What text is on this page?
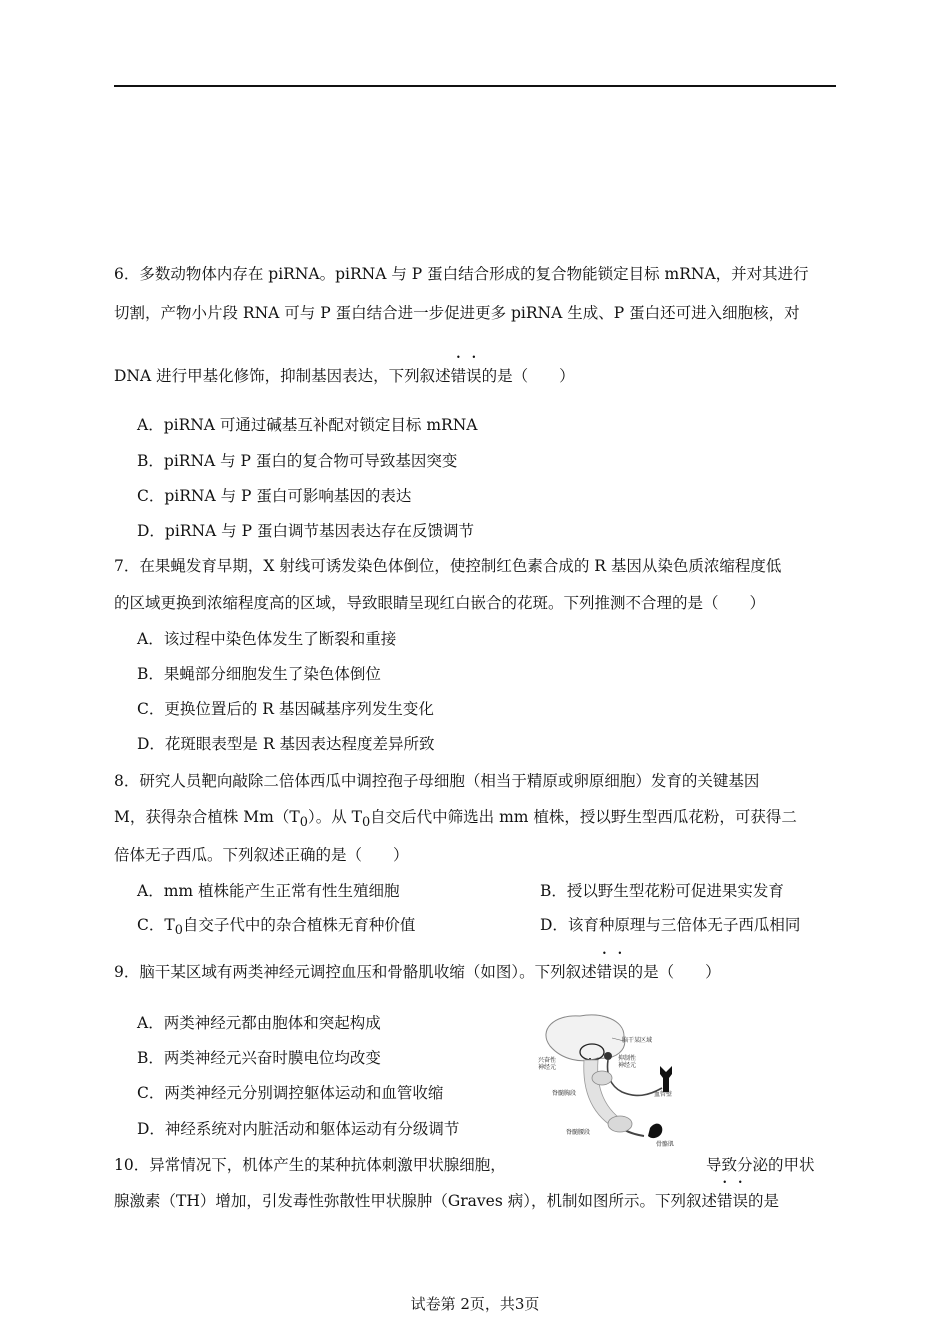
6．多数动物体内存在 piRNA。piRNA 与 P 蛋白结合形成的复合物能锁定目标 mRNA，并对其进行
切割，产物小片段 RNA 可与 P 蛋白结合进一步促进更多 piRNA 生成、P 蛋白还可进入细胞核，对
DNA 进行甲基化修饰，抑制基因表达，下列叙述错误的是（　　）
A．piRNA 可通过碱基互补配对锁定目标 mRNA
B．piRNA 与 P 蛋白的复合物可导致基因突变
C．piRNA 与 P 蛋白可影响基因的表达
D．piRNA 与 P 蛋白调节基因表达存在反馈调节
7．在果蝇发育早期，X 射线可诱发染色体倒位，使控制红色素合成的 R 基因从染色质浓缩程度低
的区域更换到浓缩程度高的区域，导致眼睛呈现红白嵌合的花斑。下列推测不合理的是（　　）
A．该过程中染色体发生了断裂和重接
B．果蝇部分细胞发生了染色体倒位
C．更换位置后的 R 基因碱基序列发生变化
D．花斑眼表型是 R 基因表达程度差异所致
8．研究人员靶向敲除二倍体西瓜中调控孢子母细胞（相当于精原或卵原细胞）发育的关键基因
M，获得杂合植株 $Mm(T_0)$。从 $T_0$自交后代中筛选出 mm 植株，授以野生型西瓜花粉，可获得二
倍体无子西瓜。下列叙述正确的是（　　）
A．mm 植株能产生正常有性生殖细胞	B．授以野生型花粉可促进果实发育
C．$T_0$自交子代中的杂合植株无育种价值	D．该育种原理与三倍体无子西瓜相同
9．脑干某区域有两类神经元调控血压和骨骼肌收缩（如图）。下列叙述错误的是（　　）
A．两类神经元都由胞体和突起构成
B．两类神经元兴奋时膜电位均改变
C．两类神经元分别调控躯体运动和血管收缩
D．神经系统对内脏活动和躯体运动有分级调节
脑干某区域
兴奋性
神经元
抑制性
神经元
脊髓胸段	血管壁
脊髓腰段
骨骼肌
10．异常情况下，机体产生的某种抗体刺激甲状腺细胞，	导致分泌的甲状
腺激素（TH）增加，引发毒性弥散性甲状腺肿（Graves 病），机制如图所示。下列叙述错误的是
试卷第 2页，共3页
